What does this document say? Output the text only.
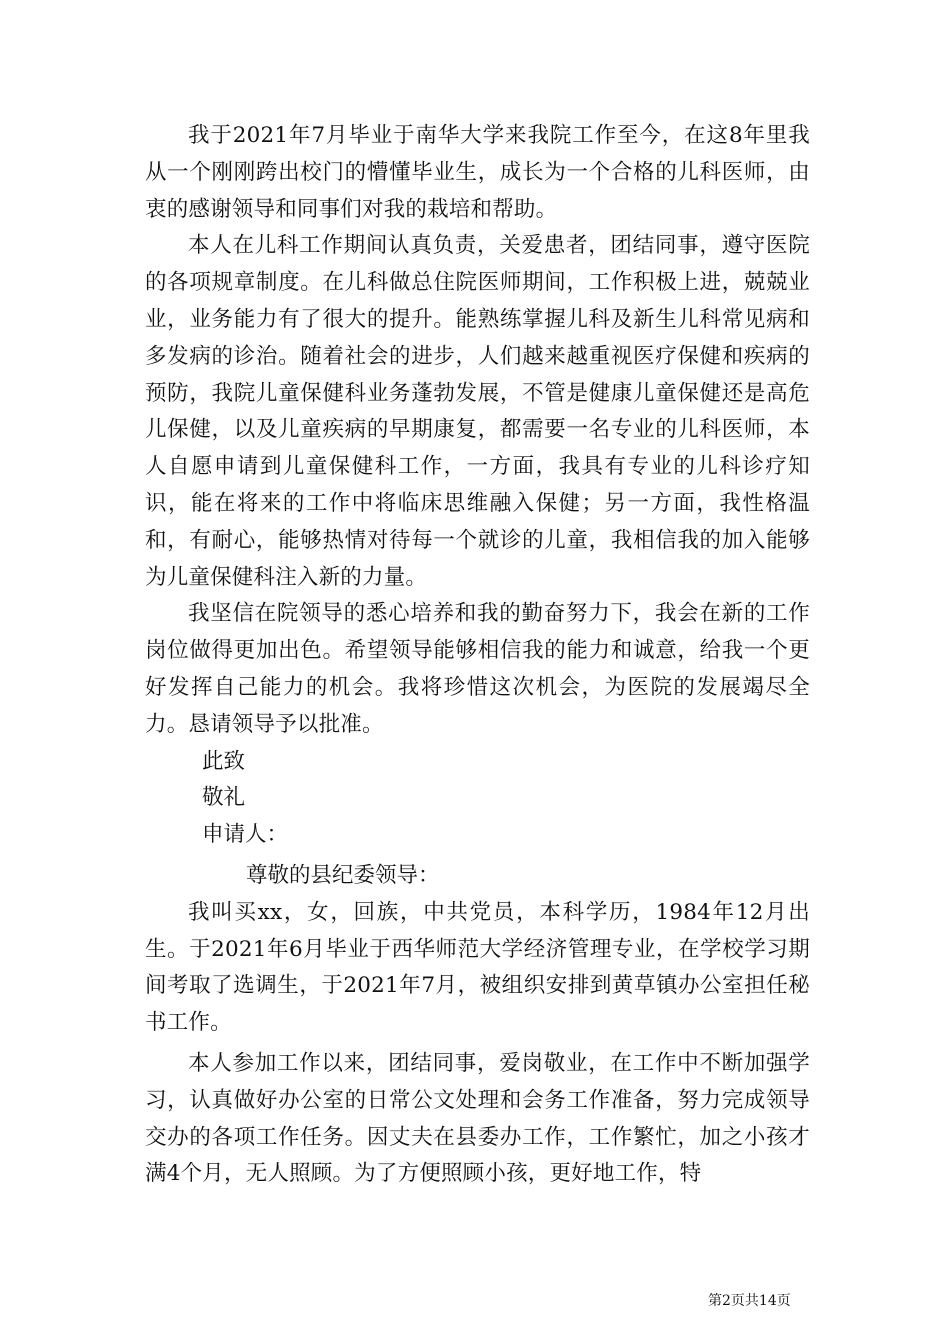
我于2021年7月毕业于南华大学来我院工作至今，在这8年里我从一个刚刚跨出校门的懵懂毕业生，成长为一个合格的儿科医师，由衷的感谢领导和同事们对我的栽培和帮助。

本人在儿科工作期间认真负责，关爱患者，团结同事，遵守医院的各项规章制度。在儿科做总住院医师期间，工作积极上进，兢兢业业，业务能力有了很大的提升。能熟练掌握儿科及新生儿科常见病和多发病的诊治。随着社会的进步，人们越来越重视医疗保健和疾病的预防，我院儿童保健科业务蓬勃发展，不管是健康儿童保健还是高危儿保健，以及儿童疾病的早期康复，都需要一名专业的儿科医师，本人自愿申请到儿童保健科工作，一方面，我具有专业的儿科诊疗知识，能在将来的工作中将临床思维融入保健；另一方面，我性格温和，有耐心，能够热情对待每一个就诊的儿童，我相信我的加入能够为儿童保健科注入新的力量。

我坚信在院领导的悉心培养和我的勤奋努力下，我会在新的工作岗位做得更加出色。希望领导能够相信我的能力和诚意，给我一个更好发挥自己能力的机会。我将珍惜这次机会，为医院的发展竭尽全力。恳请领导予以批准。

此致

敬礼

申请人：

尊敬的县纪委领导：

我叫买xx，女，回族，中共党员，本科学历，1984年12月出生。于2021年6月毕业于西华师范大学经济管理专业，在学校学习期间考取了选调生，于2021年7月，被组织安排到黄草镇办公室担任秘书工作。

本人参加工作以来，团结同事，爱岗敬业，在工作中不断加强学习，认真做好办公室的日常公文处理和会务工作准备，努力完成领导交办的各项工作任务。因丈夫在县委办工作，工作繁忙，加之小孩才满4个月，无人照顾。为了方便照顾小孩，更好地工作，特

第2页共14页
